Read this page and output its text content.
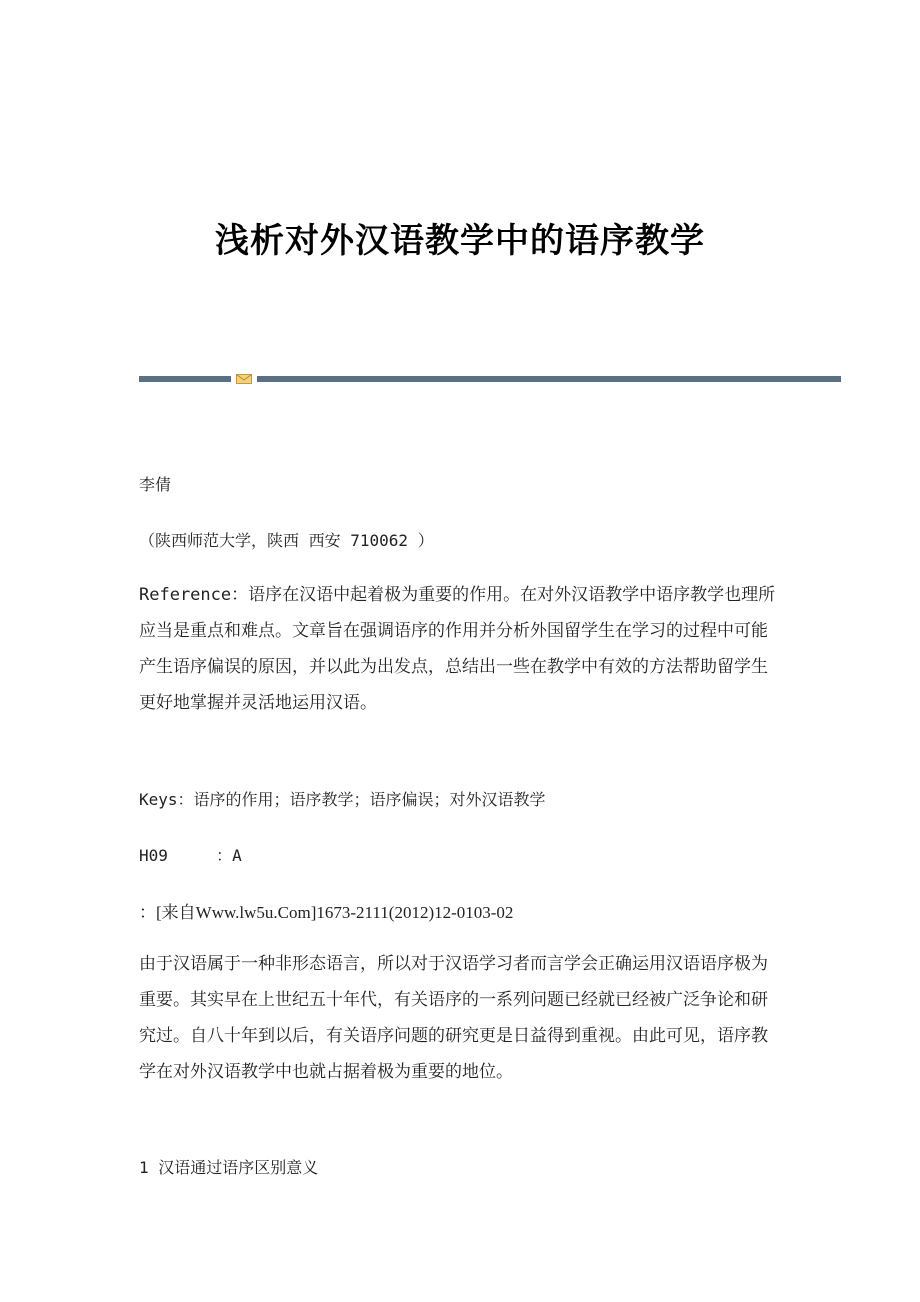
浅析对外汉语教学中的语序教学
李倩
（陕西师范大学，陕西 西安 710062 ）
Reference：语序在汉语中起着极为重要的作用。在对外汉语教学中语序教学也理所应当是重点和难点。文章旨在强调语序的作用并分析外国留学生在学习的过程中可能产生语序偏误的原因，并以此为出发点，总结出一些在教学中有效的方法帮助留学生更好地掌握并灵活地运用汉语。
Keys：语序的作用；语序教学；语序偏误；对外汉语教学
H09     ：A
：[来自Www.lw5u.Com]1673-2111(2012)12-0103-02
由于汉语属于一种非形态语言，所以对于汉语学习者而言学会正确运用汉语语序极为重要。其实早在上世纪五十年代，有关语序的一系列问题已经就已经被广泛争论和研究过。自八十年到以后，有关语序问题的研究更是日益得到重视。由此可见，语序教学在对外汉语教学中也就占据着极为重要的地位。
1 汉语通过语序区别意义
